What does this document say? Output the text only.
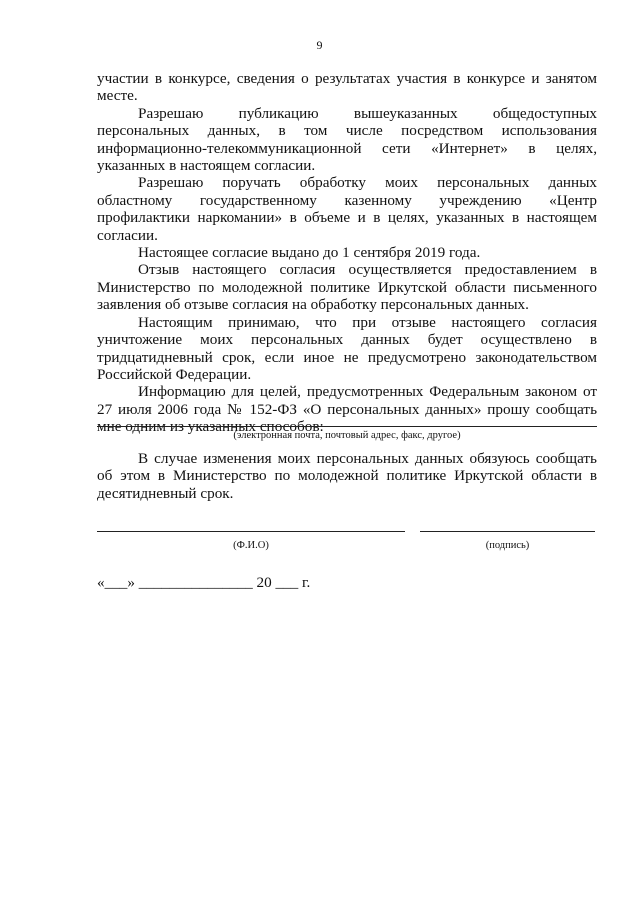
9

участии в конкурсе, сведения о результатах участия в конкурсе и занятом месте.

Разрешаю публикацию вышеуказанных общедоступных персональных данных, в том числе посредством использования информационно-телекоммуникационной сети «Интернет» в целях, указанных в настоящем согласии.

Разрешаю поручать обработку моих персональных данных областному государственному казенному учреждению «Центр профилактики наркомании» в объеме и в целях, указанных в настоящем согласии.

Настоящее согласие выдано до 1 сентября 2019 года.

Отзыв настоящего согласия осуществляется предоставлением в Министерство по молодежной политике Иркутской области письменного заявления об отзыве согласия на обработку персональных данных.

Настоящим принимаю, что при отзыве настоящего согласия уничтожение моих персональных данных будет осуществлено в тридцатидневный срок, если иное не предусмотрено законодательством Российской Федерации.

Информацию для целей, предусмотренных Федеральным законом от 27 июля 2006 года № 152-ФЗ «О персональных данных» прошу сообщать мне одним из указанных способов:

(электронная почта, почтовый адрес, факс, другое)

В случае изменения моих персональных данных обязуюсь сообщать об этом в Министерство по молодежной политике Иркутской области в десятидневный срок.

(Ф.И.О)	(подпись)
«___» _______________ 20 ___ г.
